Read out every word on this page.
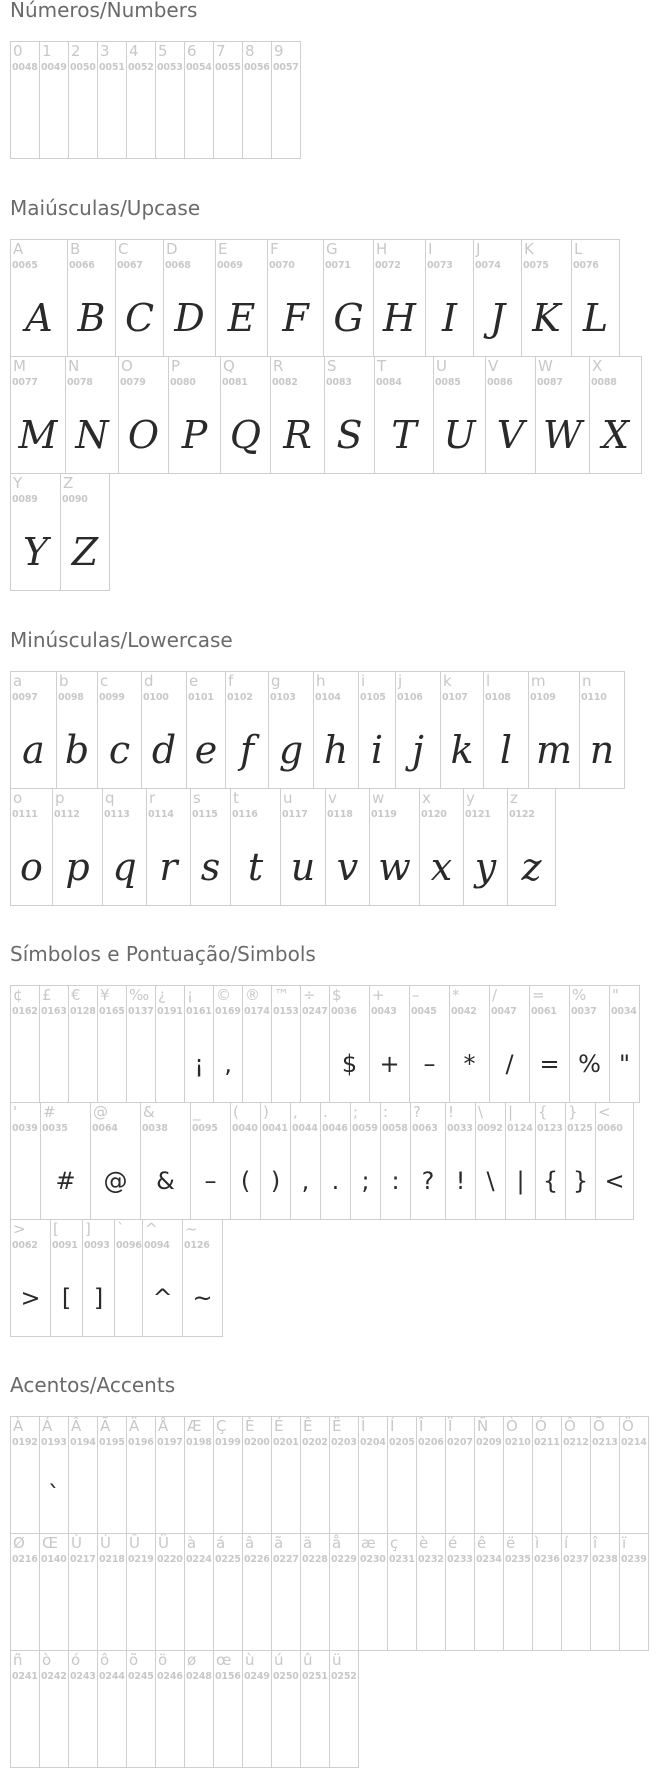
Números/Numbers
Maiúsculas/Upcase
Minúsculas/Lowercase
Símbolos e Pontuação/Simbols
Acentos/Accents
0
0048
1
0049
2
0050
3
0051
4
0052
5
0053
6
0054
7
0055
8
0056
9
0057
A
0065
A
B
0066
B
C
0067
C
D
0068
D
E
0069
E
F
0070
F
G
0071
G
H
0072
H
I
0073
I
J
0074
J
K
0075
K
L
0076
L
M
0077
M
N
0078
N
O
0079
O
P
0080
P
Q
0081
Q
R
0082
R
S
0083
S
T
0084
T
U
0085
U
V
0086
V
W
0087
W
X
0088
X
Y
0089
Y
Z
0090
Z
a
0097
a
b
0098
b
c
0099
c
d
0100
d
e
0101
e
f
0102
f
g
0103
g
h
0104
h
i
0105
i
j
0106
j
k
0107
k
l
0108
l
m
0109
m
n
0110
n
o
0111
o
p
0112
p
q
0113
q
r
0114
r
s
0115
s
t
0116
t
u
0117
u
v
0118
v
w
0119
w
x
0120
x
y
0121
y
z
0122
z
¢
0162
£
0163
€
0128
¥
0165
‰
0137
¿
0191
¡
0161
¡
©
0169
‚
®
0174
™
0153
÷
0247
$
0036
$
+
0043
+
–
0045
–
*
0042
*
/
0047
/
=
0061
=
%
0037
%
"
0034
"
'
0039
#
0035
#
@
0064
@
&
0038
&
_
0095
–
(
0040
(
)
0041
)
,
0044
,
.
0046
.
;
0059
;
:
0058
:
?
0063
?
!
0033
!
\
0092
\
|
0124
|
{
0123
{
}
0125
}
<
0060
<
>
0062
>
[
0091
[
]
0093
]
`
0096
^
0094
^
~
0126
~
À
0192
Á
0193
`
Â
0194
Ã
0195
Ä
0196
Å
0197
Æ
0198
Ç
0199
È
0200
É
0201
Ê
0202
Ë
0203
Ì
0204
Í
0205
Î
0206
Ï
0207
Ñ
0209
Ò
0210
Ó
0211
Ô
0212
Õ
0213
Ö
0214
Ø
0216
Œ
0140
Ù
0217
Ú
0218
Û
0219
Ü
0220
à
0224
á
0225
â
0226
ã
0227
ä
0228
å
0229
æ
0230
ç
0231
è
0232
é
0233
ê
0234
ë
0235
ì
0236
í
0237
î
0238
ï
0239
ñ
0241
ò
0242
ó
0243
ô
0244
õ
0245
ö
0246
ø
0248
œ
0156
ù
0249
ú
0250
û
0251
ü
0252
